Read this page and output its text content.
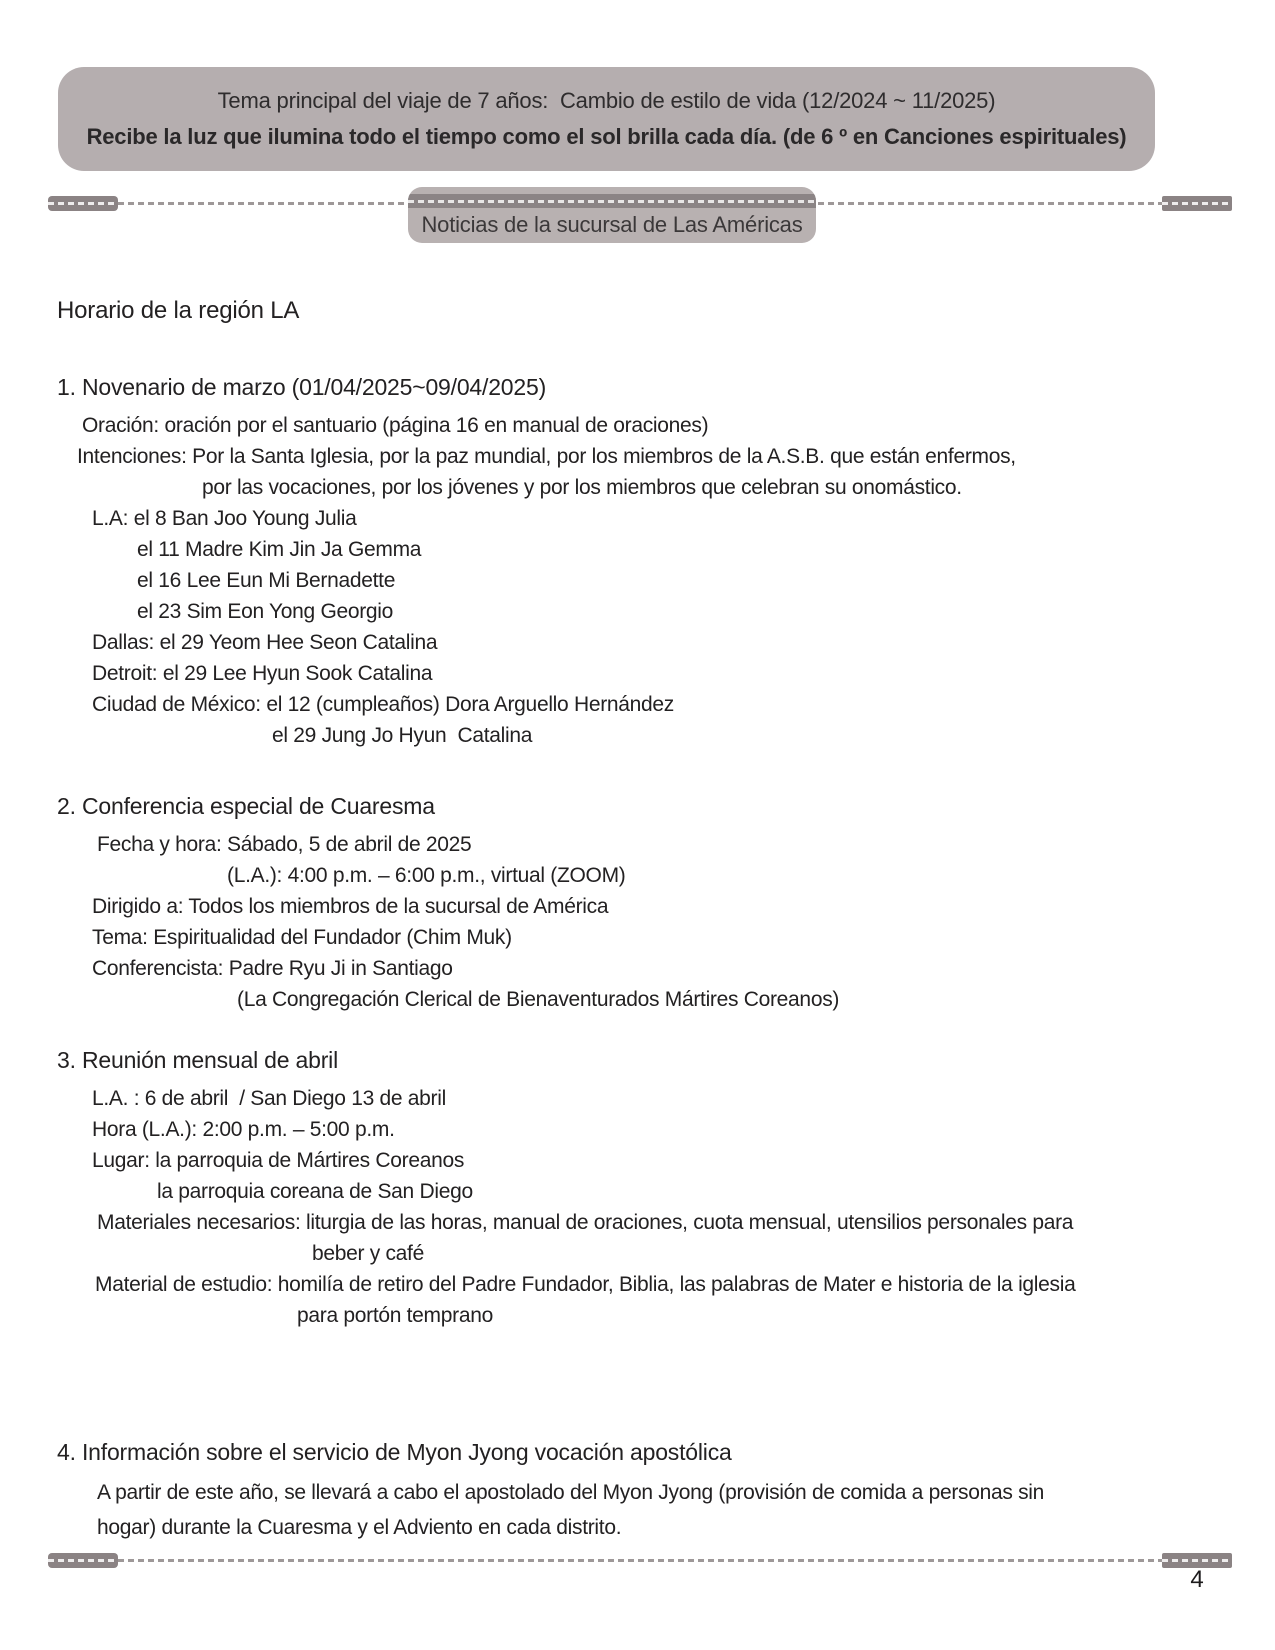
Tema principal del viaje de 7 años:  Cambio de estilo de vida (12/2024 ~ 11/2025)
Recibe la luz que ilumina todo el tiempo como el sol brilla cada día. (de 6 º en Canciones espirituales)
Noticias de la sucursal de Las Américas
Horario de la región LA
1. Novenario de marzo (01/04/2025~09/04/2025)
Oración: oración por el santuario (página 16 en manual de oraciones)
Intenciones: Por la Santa Iglesia, por la paz mundial, por los miembros de la A.S.B. que están enfermos,
por las vocaciones, por los jóvenes y por los miembros que celebran su onomástico.
L.A: el 8 Ban Joo Young Julia
el 11 Madre Kim Jin Ja Gemma
el 16 Lee Eun Mi Bernadette
el 23 Sim Eon Yong Georgio
Dallas: el 29 Yeom Hee Seon Catalina
Detroit: el 29 Lee Hyun Sook Catalina
Ciudad de México: el 12 (cumpleaños) Dora Arguello Hernández
el 29 Jung Jo Hyun  Catalina
2. Conferencia especial de Cuaresma
Fecha y hora: Sábado, 5 de abril de 2025
(L.A.): 4:00 p.m. – 6:00 p.m., virtual (ZOOM)
Dirigido a: Todos los miembros de la sucursal de América
Tema: Espiritualidad del Fundador (Chim Muk)
Conferencista: Padre Ryu Ji in Santiago
(La Congregación Clerical de Bienaventurados Mártires Coreanos)
3. Reunión mensual de abril
L.A. : 6 de abril  / San Diego 13 de abril
Hora (L.A.): 2:00 p.m. – 5:00 p.m.
Lugar: la parroquia de Mártires Coreanos
la parroquia coreana de San Diego
Materiales necesarios: liturgia de las horas, manual de oraciones, cuota mensual, utensilios personales para
beber y café
Material de estudio: homilía de retiro del Padre Fundador, Biblia, las palabras de Mater e historia de la iglesia
para portón temprano
4. Información sobre el servicio de Myon Jyong vocación apostólica
A partir de este año, se llevará a cabo el apostolado del Myon Jyong (provisión de comida a personas sin
hogar) durante la Cuaresma y el Adviento en cada distrito.
4
